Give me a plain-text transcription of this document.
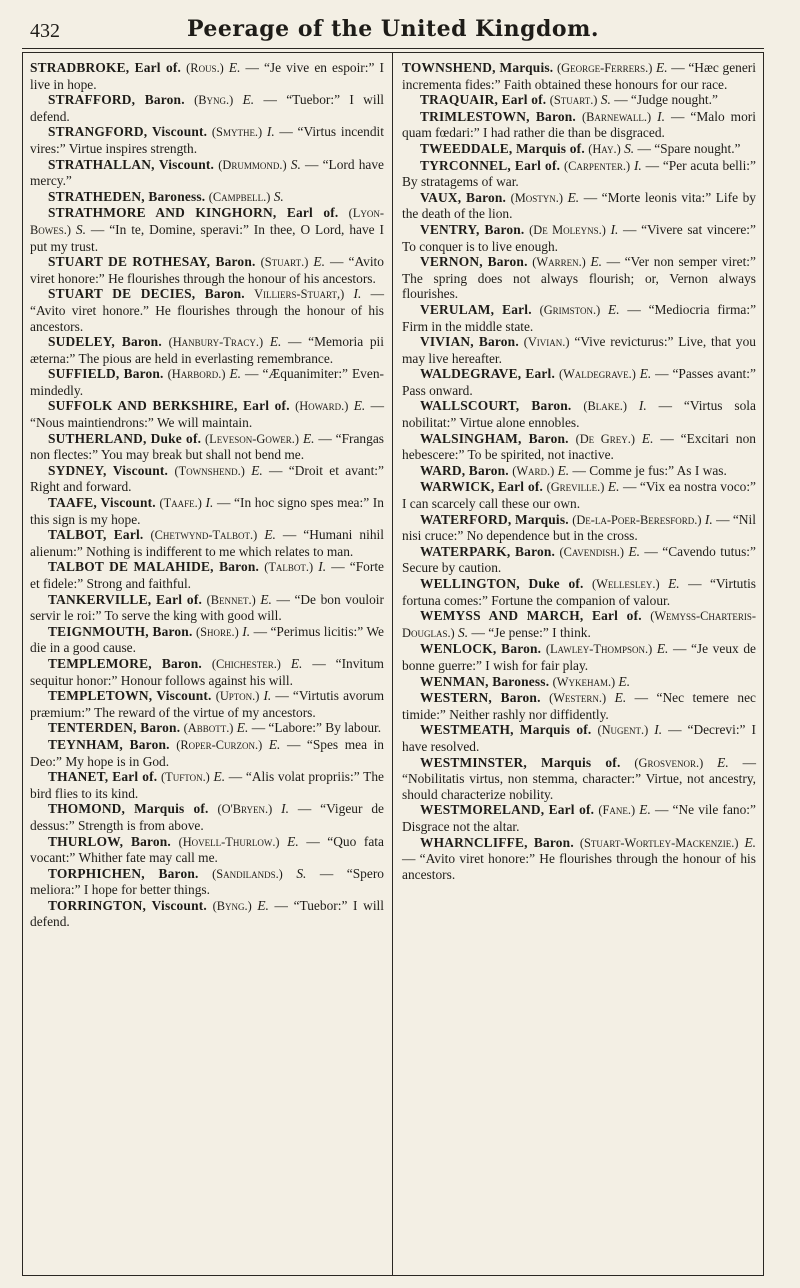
432	Peerage of the United Kingdom.

STRADBROKE, Earl of. (Rous.) E. — “Je vive en espoir:” I live in hope.

STRAFFORD, Baron. (Byng.) E. — “Tuebor:” I will defend.

STRANGFORD, Viscount. (Smythe.) I. — “Virtus incendit vires:” Virtue inspires strength.

STRATHALLAN, Viscount. (Drummond.) S. — “Lord have mercy.”

STRATHEDEN, Baroness. (Campbell.) S.

STRATHMORE AND KINGHORN, Earl of. (Lyon-Bowes.) S. — “In te, Domine, speravi:” In thee, O Lord, have I put my trust.

STUART DE ROTHESAY, Baron. (Stuart.) E. — “Avito viret honore:” He flourishes through the honour of his ancestors.

STUART DE DECIES, Baron. Villiers-Stuart,) I. — “Avito viret honore.” He flourishes through the honour of his ancestors.

SUDELEY, Baron. (Hanbury-Tracy.) E. — “Memoria pii æterna:” The pious are held in everlasting remembrance.

SUFFIELD, Baron. (Harbord.) E. — “Æquanimiter:” Even-mindedly.

SUFFOLK AND BERKSHIRE, Earl of. (Howard.) E. — “Nous maintiendrons:” We will maintain.

SUTHERLAND, Duke of. (Leveson-Gower.) E. — “Frangas non flectes:” You may break but shall not bend me.

SYDNEY, Viscount. (Townshend.) E. — “Droit et avant:” Right and forward.

TAAFE, Viscount. (Taafe.) I. — “In hoc signo spes mea:” In this sign is my hope.

TALBOT, Earl. (Chetwynd-Talbot.) E. — “Humani nihil alienum:” Nothing is indifferent to me which relates to man.

TALBOT DE MALAHIDE, Baron. (Talbot.) I. — “Forte et fidele:” Strong and faithful.

TANKERVILLE, Earl of. (Bennet.) E. — “De bon vouloir servir le roi:” To serve the king with good will.

TEIGNMOUTH, Baron. (Shore.) I. — “Perimus licitis:” We die in a good cause.

TEMPLEMORE, Baron. (Chichester.) E. — “Invitum sequitur honor:” Honour follows against his will.

TEMPLETOWN, Viscount. (Upton.) I. — “Virtutis avorum præmium:” The reward of the virtue of my ancestors.

TENTERDEN, Baron. (Abbott.) E. — “Labore:” By labour.

TEYNHAM, Baron. (Roper-Curzon.) E. — “Spes mea in Deo:” My hope is in God.

THANET, Earl of. (Tufton.) E. — “Alis volat propriis:” The bird flies to its kind.

THOMOND, Marquis of. (O'Bryen.) I. — “Vigeur de dessus:” Strength is from above.

THURLOW, Baron. (Hovell-Thurlow.) E. — “Quo fata vocant:” Whither fate may call me.

TORPHICHEN, Baron. (Sandilands.) S. — “Spero meliora:” I hope for better things.

TORRINGTON, Viscount. (Byng.) E. — “Tuebor:” I will defend.

TOWNSHEND, Marquis. (George-Ferrers.) E. — “Hæc generi incrementa fides:” Faith obtained these honours for our race.

TRAQUAIR, Earl of. (Stuart.) S. — “Judge nought.”

TRIMLESTOWN, Baron. (Barnewall.) I. — “Malo mori quam fœdari:” I had rather die than be disgraced.

TWEEDDALE, Marquis of. (Hay.) S. — “Spare nought.”

TYRCONNEL, Earl of. (Carpenter.) I. — “Per acuta belli:” By stratagems of war.

VAUX, Baron. (Mostyn.) E. — “Morte leonis vita:” Life by the death of the lion.

VENTRY, Baron. (De Moleyns.) I. — “Vivere sat vincere:” To conquer is to live enough.

VERNON, Baron. (Warren.) E. — “Ver non semper viret:” The spring does not always flourish; or, Vernon always flourishes.

VERULAM, Earl. (Grimston.) E. — “Mediocria firma:” Firm in the middle state.

VIVIAN, Baron. (Vivian.) “Vive revicturus:” Live, that you may live hereafter.

WALDEGRAVE, Earl. (Waldegrave.) E. — “Passes avant:” Pass onward.

WALLSCOURT, Baron. (Blake.) I. — “Virtus sola nobilitat:” Virtue alone ennobles.

WALSINGHAM, Baron. (De Grey.) E. — “Excitari non hebescere:” To be spirited, not inactive.

WARD, Baron. (Ward.) E. — Comme je fus:” As I was.

WARWICK, Earl of. (Greville.) E. — “Vix ea nostra voco:” I can scarcely call these our own.

WATERFORD, Marquis. (De-la-Poer-Beresford.) I. — “Nil nisi cruce:” No dependence but in the cross.

WATERPARK, Baron. (Cavendish.) E. — “Cavendo tutus:” Secure by caution.

WELLINGTON, Duke of. (Wellesley.) E. — “Virtutis fortuna comes:” Fortune the companion of valour.

WEMYSS AND MARCH, Earl of. (Wemyss-Charteris-Douglas.) S. — “Je pense:” I think.

WENLOCK, Baron. (Lawley-Thompson.) E. — “Je veux de bonne guerre:” I wish for fair play.

WENMAN, Baroness. (Wykeham.) E.

WESTERN, Baron. (Western.) E. — “Nec temere nec timide:” Neither rashly nor diffidently.

WESTMEATH, Marquis of. (Nugent.) I. — “Decrevi:” I have resolved.

WESTMINSTER, Marquis of. (Grosvenor.) E. — “Nobilitatis virtus, non stemma, character:” Virtue, not ancestry, should characterize nobility.

WESTMORELAND, Earl of. (Fane.) E. — “Ne vile fano:” Disgrace not the altar.

WHARNCLIFFE, Baron. (Stuart-Wortley-Mackenzie.) E. — “Avito viret honore:” He flourishes through the honour of his ancestors.
